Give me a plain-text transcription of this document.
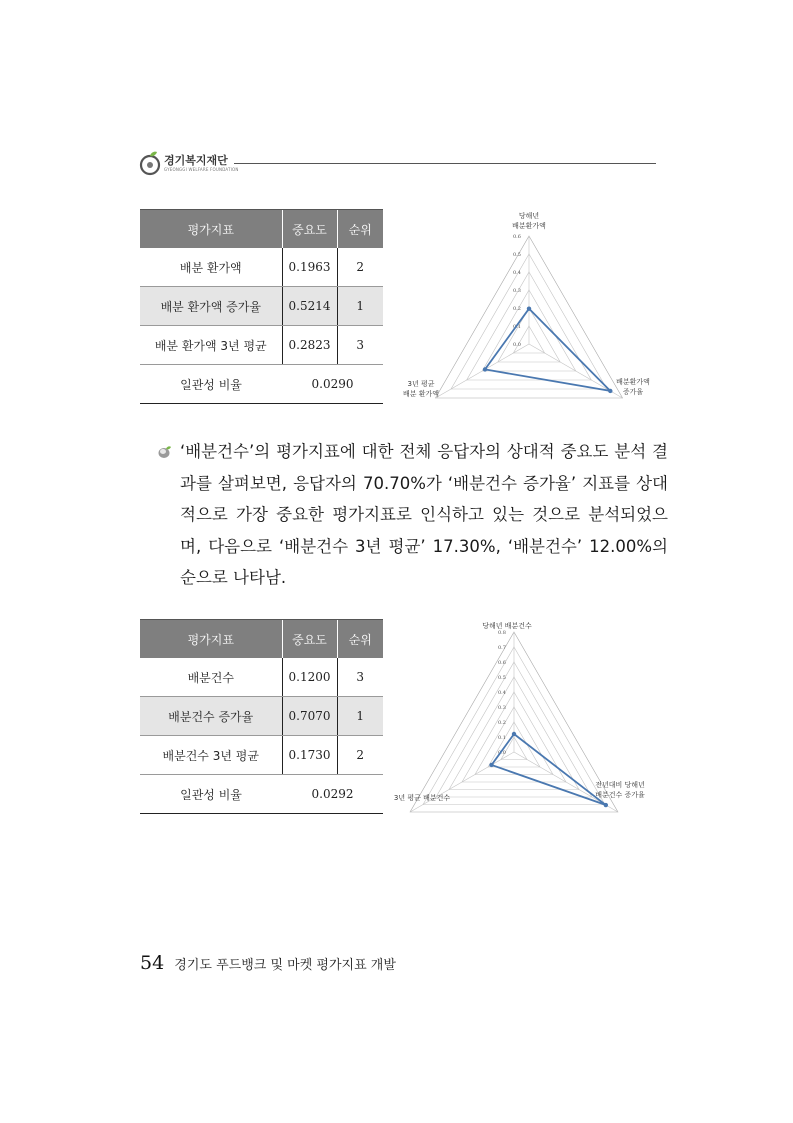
경기복지재단
GYEONGGI WELFARE FOUNDATION
평가지표	중요도	순위
배분 환가액	0.1963	2
배분 환가액 증가율	0.5214	1
배분 환가액 3년 평균	0.2823	3
일관성 비율	0.0290	
0.0
0.1
0.2
0.3
0.4
0.5
0.6
당해년 배분환가액
배분환가액 증가율
3년 평균 배분 환가액
‘배분건수’의 평가지표에 대한 전체 응답자의 상대적 중요도 분석 결과를 살펴보면, 응답자의 70.70%가 ‘배분건수 증가율’ 지표를 상대적으로 가장 중요한 평가지표로 인식하고 있는 것으로 분석되었으며, 다음으로 ‘배분건수 3년 평균’ 17.30%, ‘배분건수’ 12.00%의 순으로 나타남.
평가지표	중요도	순위
배분건수	0.1200	3
배분건수 증가율	0.7070	1
배분건수 3년 평균	0.1730	2
일관성 비율	0.0292	
0.0
0.1
0.2
0.3
0.4
0.5
0.6
0.7
0.8
당해년 배분건수
전년대비 당해년 배분건수 증가율
3년 평균 배분건수
54 경기도 푸드뱅크 및 마켓 평가지표 개발
